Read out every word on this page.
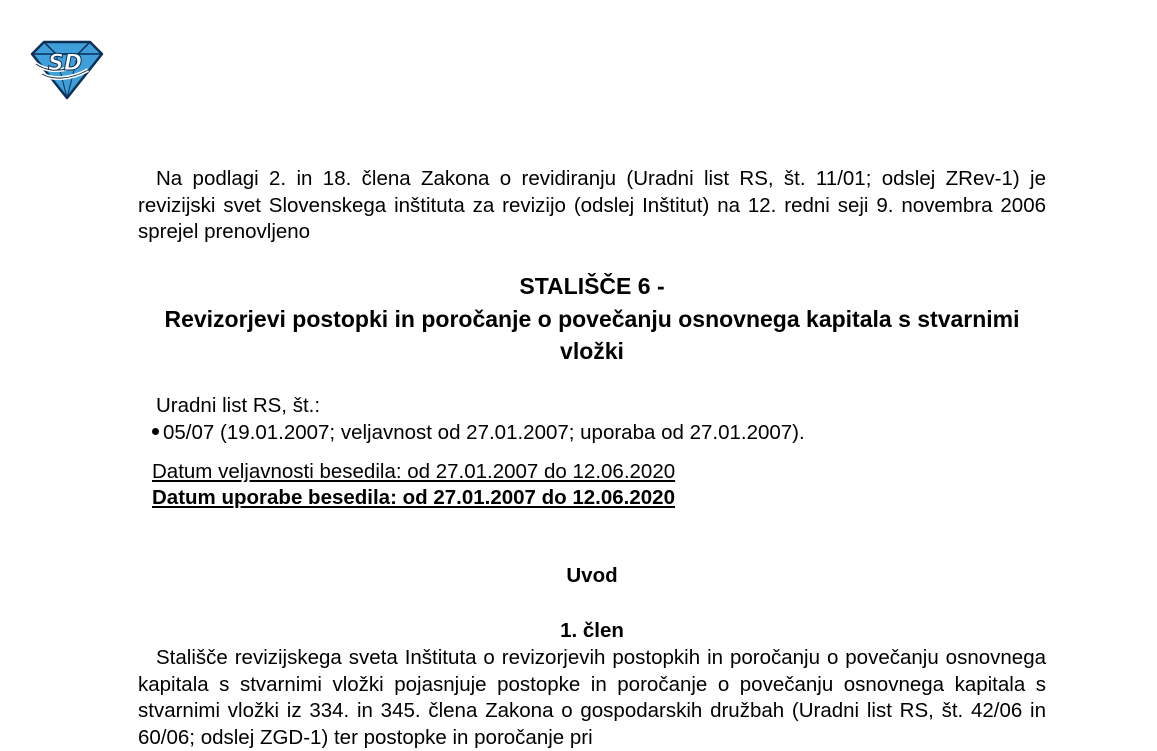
SD
Na podlagi 2. in 18. člena Zakona o revidiranju (Uradni list RS, št. 11/01; odslej ZRev-1) je revizijski svet Slovenskega inštituta za revizijo (odslej Inštitut) na 12. redni seji 9. novembra 2006 sprejel prenovljeno
STALIŠČE 6 -
Revizorjevi postopki in poročanje o povečanju osnovnega kapitala s stvarnimi vložki
Uradni list RS, št.:
05/07 (19.01.2007; veljavnost od 27.01.2007; uporaba od 27.01.2007).
Datum veljavnosti besedila: od 27.01.2007 do 12.06.2020
Datum uporabe besedila: od 27.01.2007 do 12.06.2020
Uvod
1. člen
Stališče revizijskega sveta Inštituta o revizorjevih postopkih in poročanju o povečanju osnovnega kapitala s stvarnimi vložki pojasnjuje postopke in poročanje o povečanju osnovnega kapitala s stvarnimi vložki iz 334. in 345. člena Zakona o gospodarskih družbah (Uradni list RS, št. 42/06 in 60/06; odslej ZGD-1) ter postopke in poročanje pri
